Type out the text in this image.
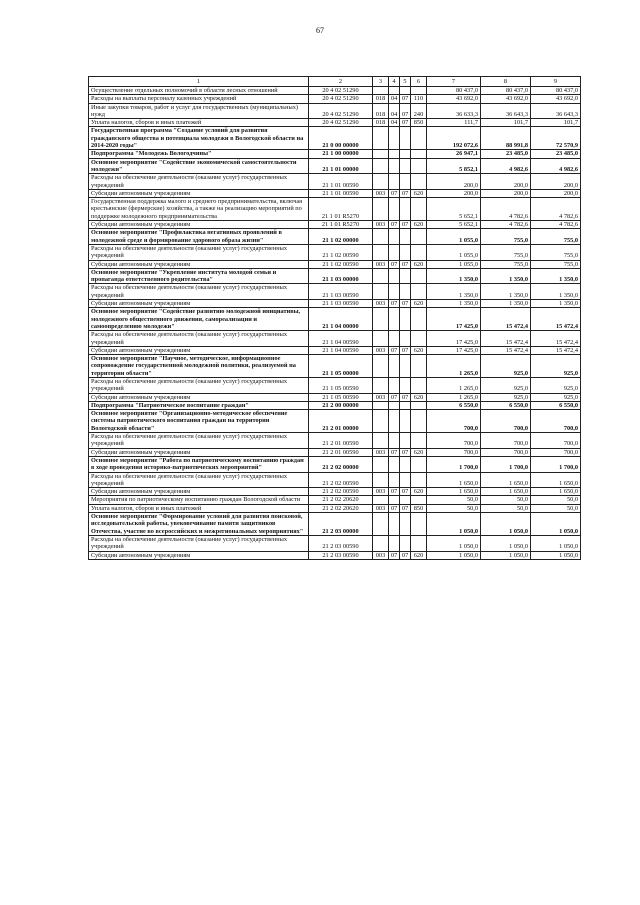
67
1	2	3	4	5	6	7	8	9
Осуществление отдельных полномочий в области лесных отношений	20 4 02 51290					80 437,0	80 437,0	80 437,0
Расходы на выплаты персоналу казенных учреждений	20 4 02 51290	018	04	07	110	43 692,0	43 692,0	43 692,0
Иные закупки товаров, работ и услуг для государственных (муниципальных) нужд	20 4 02 51290	018	04	07	240	36 633,3	36 643,3	36 643,3
Уплата налогов, сборов и иных платежей	20 4 02 51290	018	04	07	850	111,7	101,7	101,7
Государственная программа "Создание условий для развития гражданского общества и потенциала молодежи в Вологодской области на 2014-2020 годы"	21 0 00 00000					192 072,6	88 991,8	72 570,9
Подпрограмма "Молодежь Вологодчины"	21 1 00 00000					26 947,1	23 485,0	23 485,0
Основное мероприятие "Содействие экономической самостоятельности молодежи"	21 1 01 00000					5 852,1	4 982,6	4 982,6
Расходы на обеспечение деятельности (оказание услуг) государственных учреждений	21 1 01 00590					200,0	200,0	200,0
Субсидии автономным учреждениям	21 1 01 00590	003	07	07	620	200,0	200,0	200,0
Государственная поддержка малого и среднего предпринимательства, включая крестьянские (фермерские) хозяйства, а также на реализацию мероприятий по поддержке молодежного предпринимательства	21 1 01 R5270					5 652,1	4 782,6	4 782,6
Субсидии автономным учреждениям	21 1 01 R5270	003	07	07	620	5 652,1	4 782,6	4 782,6
Основное мероприятие "Профилактика негативных проявлений в молодежной среде и формирование здорового образа жизни"	21 1 02 00000					1 055,0	755,0	755,0
Расходы на обеспечение деятельности (оказание услуг) государственных учреждений	21 1 02 00590					1 055,0	755,0	755,0
Субсидии автономным учреждениям	21 1 02 00590	003	07	07	620	1 055,0	755,0	755,0
Основное мероприятие "Укрепление института молодой семьи и пропаганда ответственного родительства"	21 1 03 00000					1 350,0	1 350,0	1 350,0
Расходы на обеспечение деятельности (оказание услуг) государственных учреждений	21 1 03 00590					1 350,0	1 350,0	1 350,0
Субсидии автономным учреждениям	21 1 03 00590	003	07	07	620	1 350,0	1 350,0	1 350,0
Основное мероприятие "Содействие развитию молодежной инициативы, молодежного общественного движения, самореализации и самоопределению молодежи"	21 1 04 00000					17 425,0	15 472,4	15 472,4
Расходы на обеспечение деятельности (оказание услуг) государственных учреждений	21 1 04 00590					17 425,0	15 472,4	15 472,4
Субсидии автономным учреждениям	21 1 04 00590	003	07	07	620	17 425,0	15 472,4	15 472,4
Основное мероприятие "Научное, методическое, информационное сопровождение государственной молодежной политики, реализуемой на территории области"	21 1 05 00000					1 265,0	925,0	925,0
Расходы на обеспечение деятельности (оказание услуг) государственных учреждений	21 1 05 00590					1 265,0	925,0	925,0
Субсидии автономным учреждениям	21 1 05 00590	003	07	07	620	1 265,0	925,0	925,0
Подпрограмма "Патриотическое воспитание граждан"	21 2 00 00000					6 550,0	6 550,0	6 550,0
Основное мероприятие "Организационно-методическое обеспечение системы патриотического воспитания граждан на территории Вологодской области"	21 2 01 00000					700,0	700,0	700,0
Расходы на обеспечение деятельности (оказание услуг) государственных учреждений	21 2 01 00590					700,0	700,0	700,0
Субсидии автономным учреждениям	21 2 01 00590	003	07	07	620	700,0	700,0	700,0
Основное мероприятие "Работа по патриотическому воспитанию граждан в ходе проведения историко-патриотических мероприятий"	21 2 02 00000					1 700,0	1 700,0	1 700,0
Расходы на обеспечение деятельности (оказание услуг) государственных учреждений	21 2 02 00590					1 650,0	1 650,0	1 650,0
Субсидии автономным учреждениям	21 2 02 00590	003	07	07	620	1 650,0	1 650,0	1 650,0
Мероприятия по патриотическому воспитанию граждан Вологодской области	21 2 02 20620					50,0	50,0	50,0
Уплата налогов, сборов и иных платежей	21 2 02 20620	003	07	07	850	50,0	50,0	50,0
Основное мероприятие "Формирование условий для развития поисковой, исследовательской работы, увековечивание памяти защитников Отечества, участие во всероссийских и межрегиональных мероприятиях"	21 2 03 00000					1 050,0	1 050,0	1 050,0
Расходы на обеспечение деятельности (оказание услуг) государственных учреждений	21 2 03 00590					1 050,0	1 050,0	1 050,0
Субсидии автономным учреждениям	21 2 03 00590	003	07	07	620	1 050,0	1 050,0	1 050,0
